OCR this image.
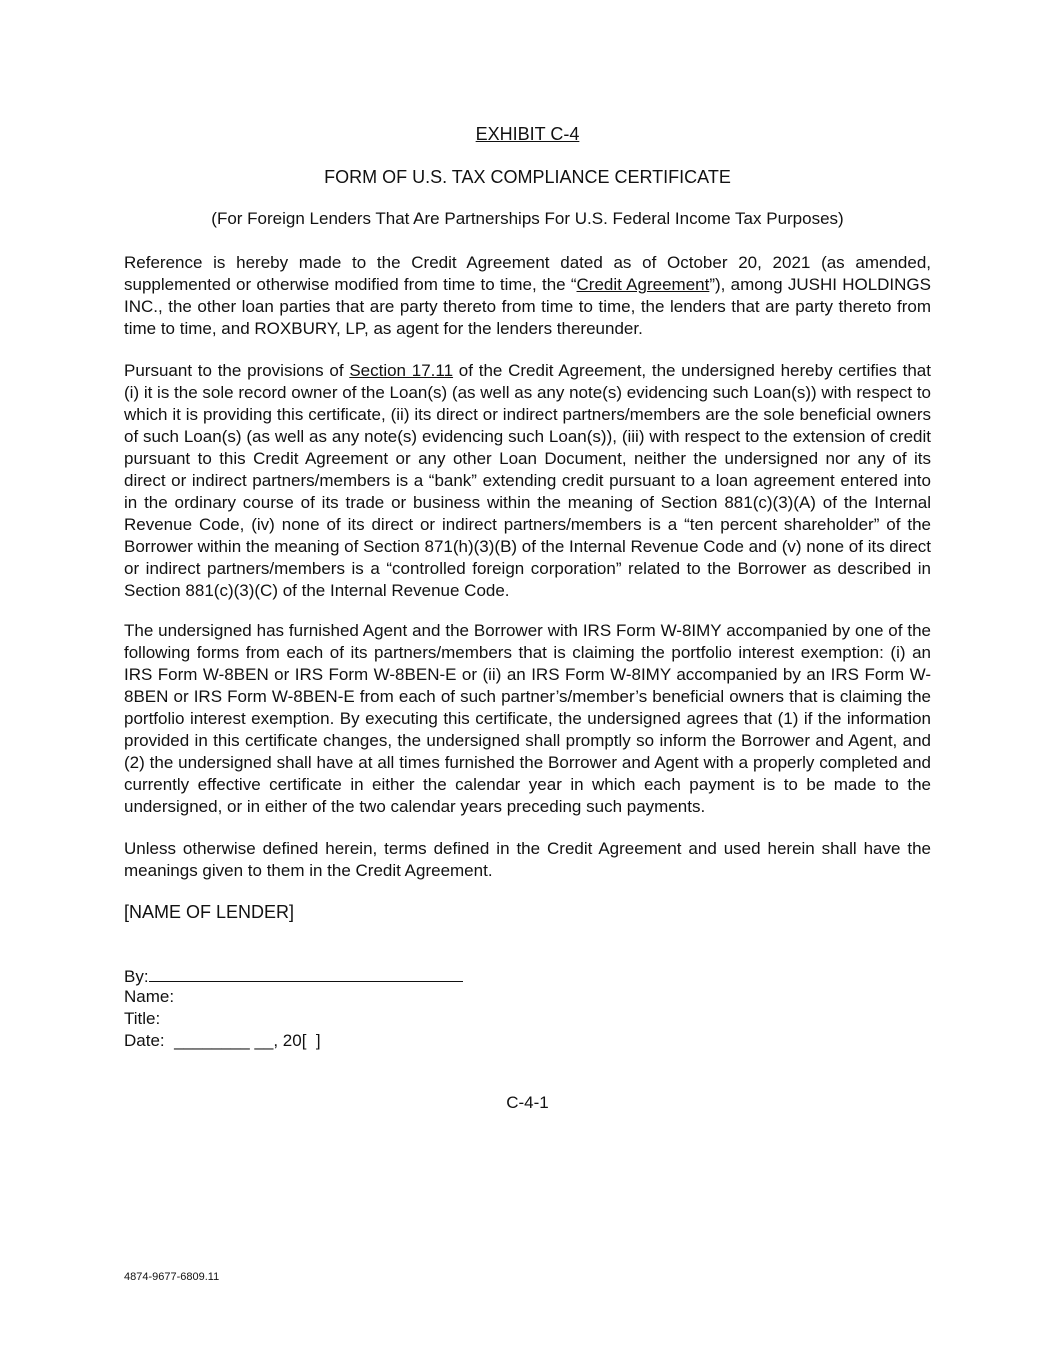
EXHIBIT C-4
FORM OF U.S. TAX COMPLIANCE CERTIFICATE
(For Foreign Lenders That Are Partnerships For U.S. Federal Income Tax Purposes)

Reference is hereby made to the Credit Agreement dated as of October 20, 2021 (as amended, supplemented or otherwise modified from time to time, the “Credit Agreement”), among JUSHI HOLDINGS INC., the other loan parties that are party thereto from time to time, the lenders that are party thereto from time to time, and ROXBURY, LP, as agent for the lenders thereunder.

Pursuant to the provisions of Section 17.11 of the Credit Agreement, the undersigned hereby certifies that (i) it is the sole record owner of the Loan(s) (as well as any note(s) evidencing such Loan(s)) with respect to which it is providing this certificate, (ii) its direct or indirect partners/members are the sole beneficial owners of such Loan(s) (as well as any note(s) evidencing such Loan(s)), (iii) with respect to the extension of credit pursuant to this Credit Agreement or any other Loan Document, neither the undersigned nor any of its direct or indirect partners/members is a “bank” extending credit pursuant to a loan agreement entered into in the ordinary course of its trade or business within the meaning of Section 881(c)(3)(A) of the Internal Revenue Code, (iv) none of its direct or indirect partners/members is a “ten percent shareholder” of the Borrower within the meaning of Section 871(h)(3)(B) of the Internal Revenue Code and (v) none of its direct or indirect partners/members is a “controlled foreign corporation” related to the Borrower as described in Section 881(c)(3)(C) of the Internal Revenue Code.

The undersigned has furnished Agent and the Borrower with IRS Form W-8IMY accompanied by one of the following forms from each of its partners/members that is claiming the portfolio interest exemption: (i) an IRS Form W-8BEN or IRS Form W-8BEN-E or (ii) an IRS Form W-8IMY accompanied by an IRS Form W-8BEN or IRS Form W-8BEN-E from each of such partner’s/member’s beneficial owners that is claiming the portfolio interest exemption. By executing this certificate, the undersigned agrees that (1) if the information provided in this certificate changes, the undersigned shall promptly so inform the Borrower and Agent, and (2) the undersigned shall have at all times furnished the Borrower and Agent with a properly completed and currently effective certificate in either the calendar year in which each payment is to be made to the undersigned, or in either of the two calendar years preceding such payments.

Unless otherwise defined herein, terms defined in the Credit Agreement and used herein shall have the meanings given to them in the Credit Agreement.

[NAME OF LENDER]
By:
Name:
Title:
Date:  ________ __, 20[  ]
C-4-1
4874-9677-6809.11
